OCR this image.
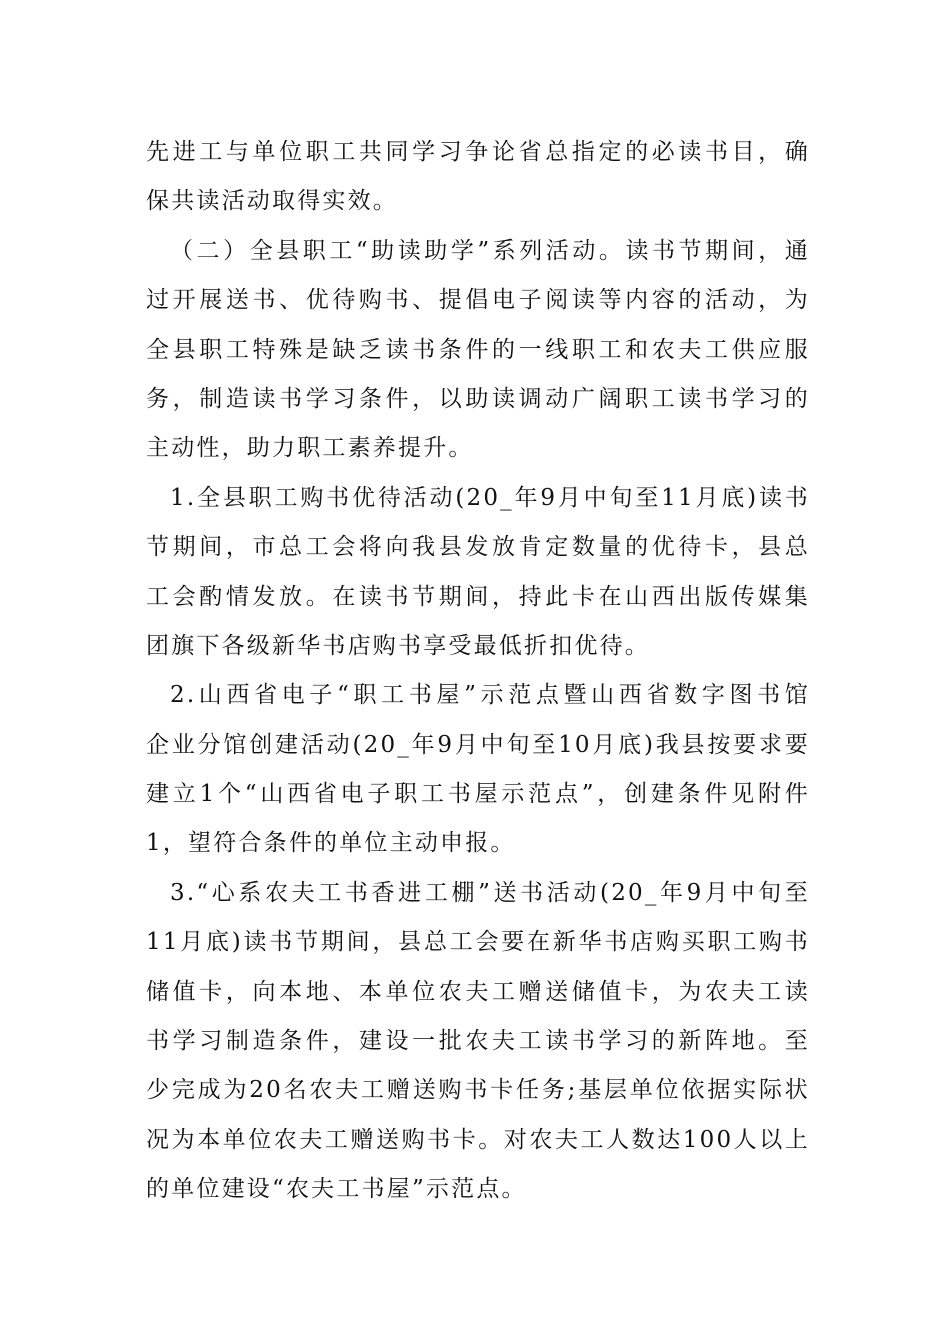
先进工与单位职工共同学习争论省总指定的必读书目，确
保共读活动取得实效。
（二）全县职工“助读助学”系列活动。读书节期间，通
过开展送书、优待购书、提倡电子阅读等内容的活动，为
全县职工特殊是缺乏读书条件的一线职工和农夫工供应服
务，制造读书学习条件，以助读调动广阔职工读书学习的
主动性，助力职工素养提升。
1.全县职工购书优待活动(20_年9月中旬至11月底)读书
节期间，市总工会将向我县发放肯定数量的优待卡，县总
工会酌情发放。在读书节期间，持此卡在山西出版传媒集
团旗下各级新华书店购书享受最低折扣优待。
2.山西省电子“职工书屋”示范点暨山西省数字图书馆
企业分馆创建活动(20_年9月中旬至10月底)我县按要求要
建立1个“山西省电子职工书屋示范点”，创建条件见附件
1，望符合条件的单位主动申报。
3.“心系农夫工书香进工棚”送书活动(20_年9月中旬至
11月底)读书节期间，县总工会要在新华书店购买职工购书
储值卡，向本地、本单位农夫工赠送储值卡，为农夫工读
书学习制造条件，建设一批农夫工读书学习的新阵地。至
少完成为20名农夫工赠送购书卡任务;基层单位依据实际状
况为本单位农夫工赠送购书卡。对农夫工人数达100人以上
的单位建设“农夫工书屋”示范点。
